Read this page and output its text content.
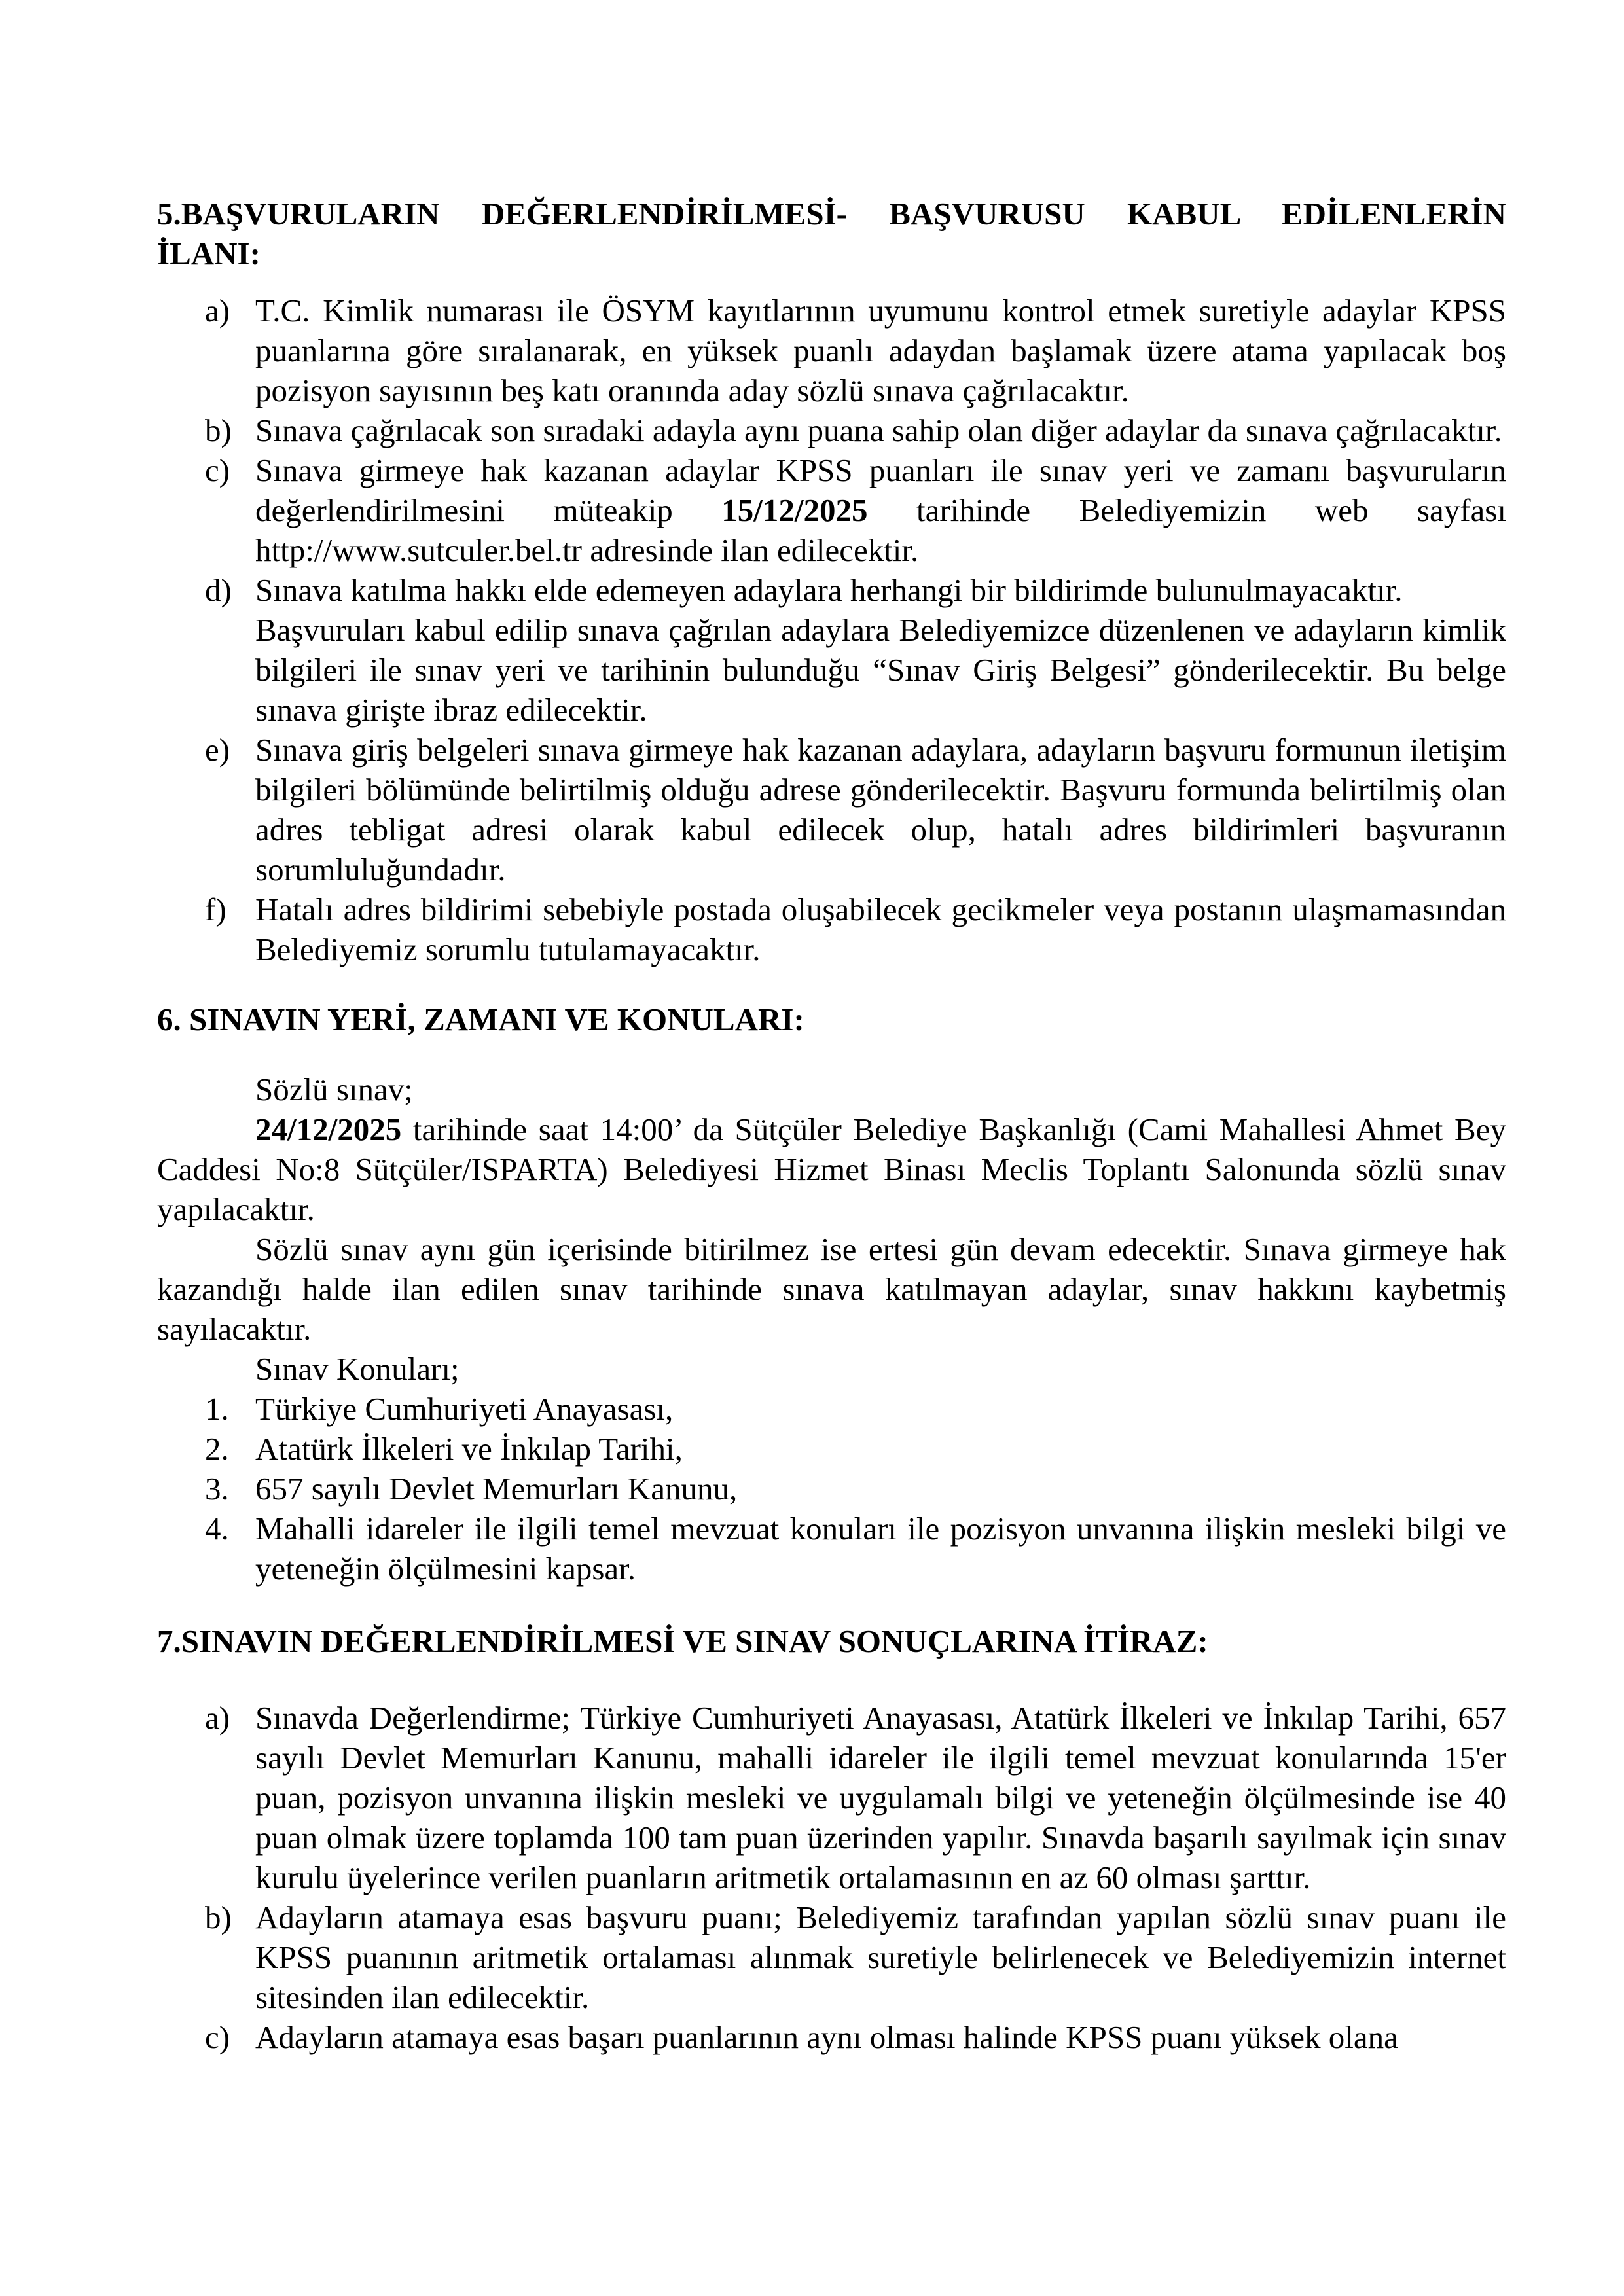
5.BAŞVURULARIN DEĞERLENDİRİLMESİ- BAŞVURUSU KABUL EDİLENLERİN
İLANI:
a) T.C. Kimlik numarası ile ÖSYM kayıtlarının uyumunu kontrol etmek suretiyle adaylar KPSS puanlarına göre sıralanarak, en yüksek puanlı adaydan başlamak üzere atama yapılacak boş pozisyon sayısının beş katı oranında aday sözlü sınava çağrılacaktır.
b) Sınava çağrılacak son sıradaki adayla aynı puana sahip olan diğer adaylar da sınava çağrılacaktır.
c) Sınava girmeye hak kazanan adaylar KPSS puanları ile sınav yeri ve zamanı başvuruların değerlendirilmesini müteakip 15/12/2025 tarihinde Belediyemizin web sayfası http://www.sutculer.bel.tr adresinde ilan edilecektir.
d) Sınava katılma hakkı elde edemeyen adaylara herhangi bir bildirimde bulunulmayacaktır.
Başvuruları kabul edilip sınava çağrılan adaylara Belediyemizce düzenlenen ve adayların kimlik bilgileri ile sınav yeri ve tarihinin bulunduğu “Sınav Giriş Belgesi” gönderilecektir. Bu belge sınava girişte ibraz edilecektir.
e) Sınava giriş belgeleri sınava girmeye hak kazanan adaylara, adayların başvuru formunun iletişim bilgileri bölümünde belirtilmiş olduğu adrese gönderilecektir. Başvuru formunda belirtilmiş olan adres tebligat adresi olarak kabul edilecek olup, hatalı adres bildirimleri başvuranın sorumluluğundadır.
f) Hatalı adres bildirimi sebebiyle postada oluşabilecek gecikmeler veya postanın ulaşmamasından Belediyemiz sorumlu tutulamayacaktır.
6. SINAVIN YERİ, ZAMANI VE KONULARI:
Sözlü sınav;
24/12/2025 tarihinde saat 14:00’ da Sütçüler Belediye Başkanlığı (Cami Mahallesi Ahmet Bey Caddesi No:8 Sütçüler/ISPARTA) Belediyesi Hizmet Binası Meclis Toplantı Salonunda sözlü sınav yapılacaktır.
Sözlü sınav aynı gün içerisinde bitirilmez ise ertesi gün devam edecektir. Sınava girmeye hak kazandığı halde ilan edilen sınav tarihinde sınava katılmayan adaylar, sınav hakkını kaybetmiş sayılacaktır.
Sınav Konuları;
1. Türkiye Cumhuriyeti Anayasası,
2. Atatürk İlkeleri ve İnkılap Tarihi,
3. 657 sayılı Devlet Memurları Kanunu,
4. Mahalli idareler ile ilgili temel mevzuat konuları ile pozisyon unvanına ilişkin mesleki bilgi ve yeteneğin ölçülmesini kapsar.
7.SINAVIN DEĞERLENDİRİLMESİ VE SINAV SONUÇLARINA İTİRAZ:
a) Sınavda Değerlendirme; Türkiye Cumhuriyeti Anayasası, Atatürk İlkeleri ve İnkılap Tarihi, 657 sayılı Devlet Memurları Kanunu, mahalli idareler ile ilgili temel mevzuat konularında 15'er puan, pozisyon unvanına ilişkin mesleki ve uygulamalı bilgi ve yeteneğin ölçülmesinde ise 40 puan olmak üzere toplamda 100 tam puan üzerinden yapılır. Sınavda başarılı sayılmak için sınav kurulu üyelerince verilen puanların aritmetik ortalamasının en az 60 olması şarttır.
b) Adayların atamaya esas başvuru puanı; Belediyemiz tarafından yapılan sözlü sınav puanı ile KPSS puanının aritmetik ortalaması alınmak suretiyle belirlenecek ve Belediyemizin internet sitesinden ilan edilecektir.
c) Adayların atamaya esas başarı puanlarının aynı olması halinde KPSS puanı yüksek olana
